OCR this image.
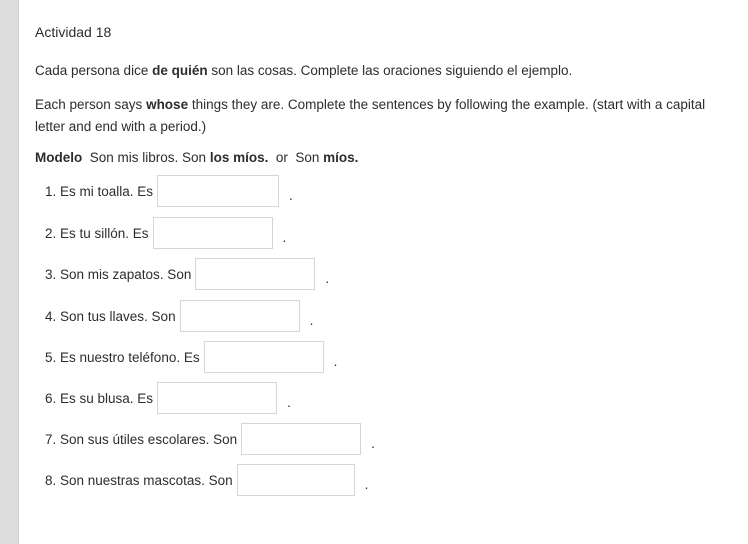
Actividad 18

Cada persona dice de quién son las cosas. Complete las oraciones siguiendo el ejemplo.

Each person says whose things they are. Complete the sentences by following the example. (start with a capital letter and end with a period.)

Modelo Son mis libros. Son los míos. or Son míos.
1. Es mi toalla. Es	.
2. Es tu sillón. Es	.
3. Son mis zapatos. Son	.
4. Son tus llaves. Son	.
5. Es nuestro teléfono. Es	.
6. Es su blusa. Es	.
7. Son sus útiles escolares. Son	.
8. Son nuestras mascotas. Son	.
